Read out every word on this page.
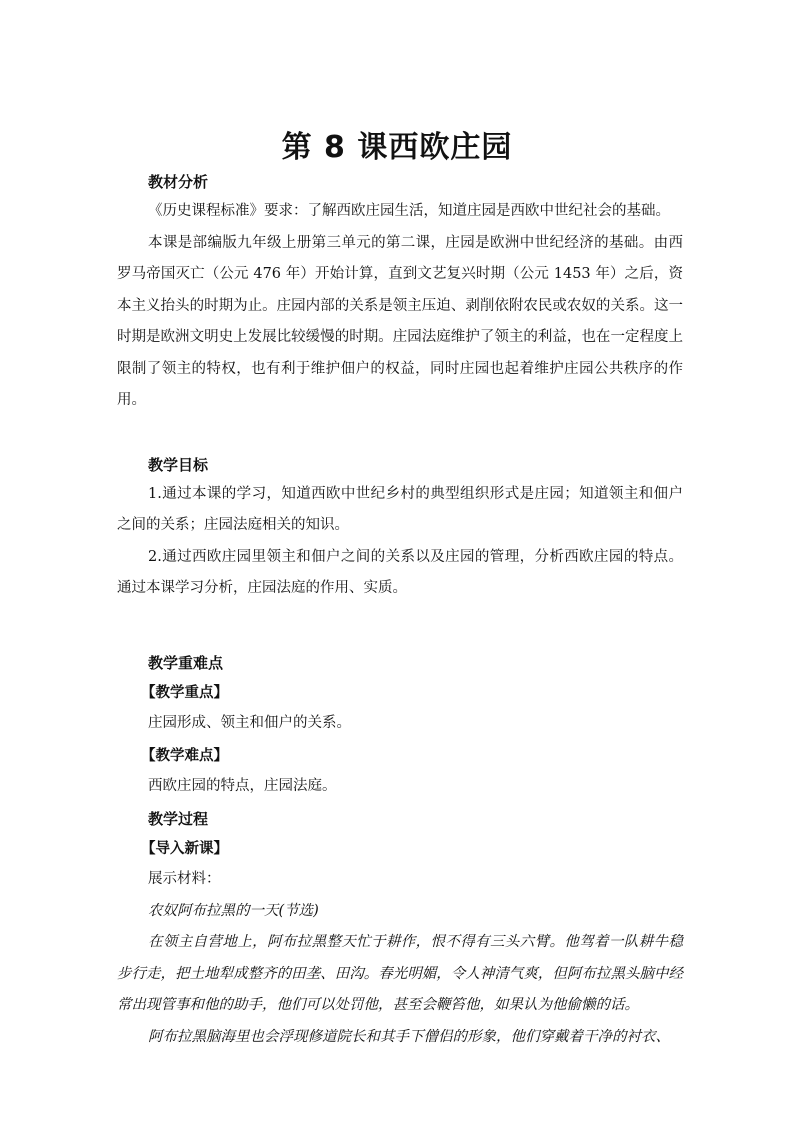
第 8 课西欧庄园

教材分析

《历史课程标准》要求：了解西欧庄园生活，知道庄园是西欧中世纪社会的基础。

本课是部编版九年级上册第三单元的第二课，庄园是欧洲中世纪经济的基础。由西罗马帝国灭亡（公元 476 年）开始计算，直到文艺复兴时期（公元 1453 年）之后，资本主义抬头的时期为止。庄园内部的关系是领主压迫、剥削依附农民或农奴的关系。这一时期是欧洲文明史上发展比较缓慢的时期。庄园法庭维护了领主的利益，也在一定程度上限制了领主的特权，也有利于维护佃户的权益，同时庄园也起着维护庄园公共秩序的作用。

教学目标

1.通过本课的学习，知道西欧中世纪乡村的典型组织形式是庄园；知道领主和佃户之间的关系；庄园法庭相关的知识。

2.通过西欧庄园里领主和佃户之间的关系以及庄园的管理，分析西欧庄园的特点。通过本课学习分析，庄园法庭的作用、实质。

教学重难点

【教学重点】

庄园形成、领主和佃户的关系。

【教学难点】

西欧庄园的特点，庄园法庭。

教学过程

【导入新课】

展示材料：

农奴阿布拉黑的一天(节选)

在领主自营地上，阿布拉黑整天忙于耕作，恨不得有三头六臂。他驾着一队耕牛稳步行走，把土地犁成整齐的田垄、田沟。春光明媚，令人神清气爽，但阿布拉黑头脑中经常出现管事和他的助手，他们可以处罚他，甚至会鞭笞他，如果认为他偷懒的话。

阿布拉黑脑海里也会浮现修道院长和其手下僧侣的形象，他们穿戴着干净的衬衣、
